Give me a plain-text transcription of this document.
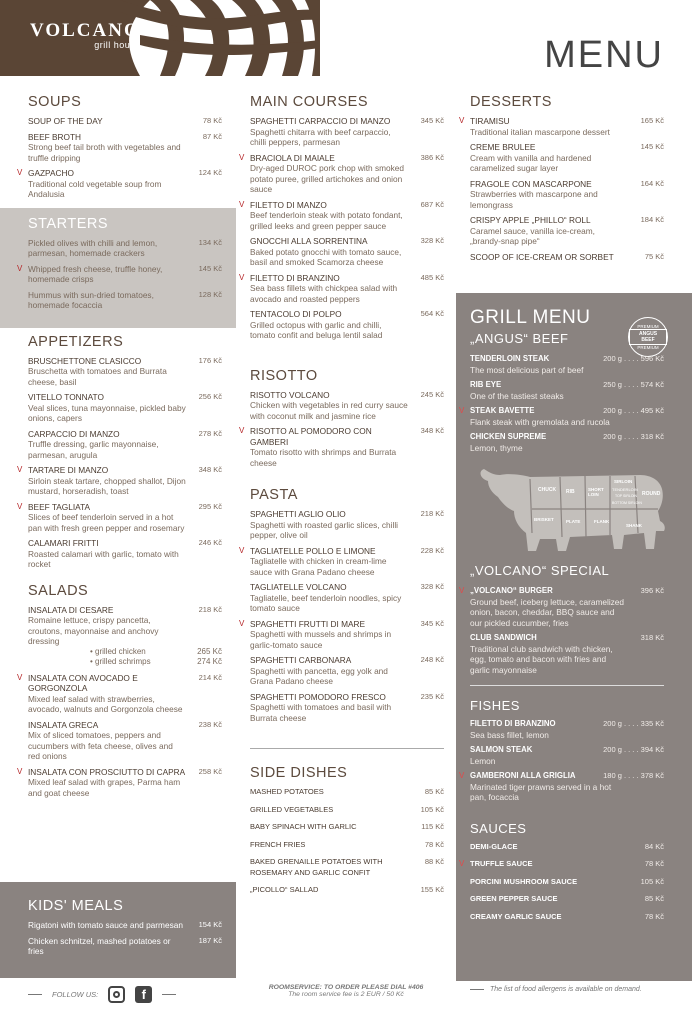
VOLCANO
grill house	MENU
SOUPS
SOUP OF THE DAY	78 Kč
BEEF BROTH
Strong beef tail broth with vegetables and truffle dripping
87 Kč
V GAZPACHO
Traditional cold vegetable soup from Andalusia
124 Kč
STARTERS
Pickled olives with chilli and lemon, parmesan, homemade crackers
134 Kč
V Whipped fresh cheese, truffle honey, homemade crisps
145 Kč
Hummus with sun-dried tomatoes, homemade focaccia
128 Kč
APPETIZERS
BRUSCHETTONE CLASICCO
Bruschetta with tomatoes and Burrata cheese, basil
176 Kč
VITELLO TONNATO
Veal slices, tuna mayonnaise, pickled baby onions, capers
256 Kč
CARPACCIO DI MANZO
Truffle dressing, garlic mayonnaise, parmesan, arugula
278 Kč
V TARTARE DI MANZO
Sirloin steak tartare, chopped shallot, Dijon mustard, horseradish, toast
348 Kč
V BEEF TAGLIATA
Slices of beef tenderloin served in a hot pan with fresh green pepper and rosemary
295 Kč
CALAMARI FRITTI
Roasted calamari with garlic, tomato with rocket
246 Kč
SALADS
INSALATA DI CESARE
Romaine lettuce, crispy pancetta, croutons, mayonnaise and anchovy dressing
218 Kč
• grilled chicken	265 Kč
• grilled schrimps	274 Kč
V INSALATA CON AVOCADO E GORGONZOLA
Mixed leaf salad with strawberries, avocado, walnuts and Gorgonzola cheese
214 Kč
INSALATA GRECA
Mix of sliced tomatoes, peppers and cucumbers with feta cheese, olives and red onions
238 Kč
V INSALATA CON PROSCIUTTO DI CAPRA
Mixed leaf salad with grapes, Parma ham and goat cheese
258 Kč
KIDS' MEALS
Rigatoni with tomato sauce and parmesan	154 Kč
Chicken schnitzel, mashed potatoes or fries
187 Kč
MAIN COURSES
SPAGHETTI CARPACCIO DI MANZO
Spaghetti chitarra with beef carpaccio, chilli peppers, parmesan
345 Kč
V BRACIOLA DI MAIALE
Dry-aged DUROC pork chop with smoked potato puree, grilled artichokes and onion sauce
386 Kč
V FILETTO DI MANZO
Beef tenderloin steak with potato fondant, grilled leeks and green pepper sauce
687 Kč
GNOCCHI ALLA SORRENTINA
Baked potato gnocchi with tomato sauce, basil and smoked Scamorza cheese
328 Kč
V FILETTO DI BRANZINO
Sea bass fillets with chickpea salad with avocado and roasted peppers
485 Kč
TENTACOLO DI POLPO
Grilled octopus with garlic and chilli, tomato confit and beluga lentil salad
564 Kč
RISOTTO
RISOTTO VOLCANO
Chicken with vegetables in red curry sauce with coconut milk and jasmine rice
245 Kč
V RISOTTO AL POMODORO CON GAMBERI
Tomato risotto with shrimps and Burrata cheese
348 Kč
PASTA
SPAGHETTI AGLIO OLIO
Spaghetti with roasted garlic slices, chilli pepper, olive oil
218 Kč
V TAGLIATELLE POLLO E LIMONE
Tagliatelle with chicken in cream-lime sauce with Grana Padano cheese
228 Kč
TAGLIATELLE VOLCANO
Tagliatelle, beef tenderloin noodles, spicy tomato sauce
328 Kč
V SPAGHETTI FRUTTI DI MARE
Spaghetti with mussels and shrimps in garlic-tomato sauce
345 Kč
SPAGHETTI CARBONARA
Spaghetti with pancetta, egg yolk and Grana Padano cheese
248 Kč
SPAGHETTI POMODORO FRESCO
Spaghetti with tomatoes and basil with Burrata cheese
235 Kč
SIDE DISHES
MASHED POTATOES	85 Kč
GRILLED VEGETABLES	105 Kč
BABY SPINACH WITH GARLIC	115 Kč
FRENCH FRIES	78 Kč
BAKED GRENAILLE POTATOES WITH ROSEMARY AND GARLIC CONFIT
88 Kč
„PICOLLO“ SALLAD	155 Kč
DESSERTS
V TIRAMISU
Traditional italian mascarpone dessert
165 Kč
CREME BRULEE
Cream with vanilla and hardened caramelized sugar layer
145 Kč
FRAGOLE CON MASCARPONE
Strawberries with mascarpone and lemongrass
164 Kč
CRISPY APPLE „PHILLO“ ROLL
Caramel sauce, vanilla ice-cream, „brandy-snap pipe“
184 Kč
SCOOP OF ICE-CREAM OR SORBET	75 Kč
GRILL MENU	PREMIUM
ANGUS BEEF
PREMIUM
„ANGUS“ BEEF
TENDERLOIN STEAK
The most delicious part of beef
200 g . . . . 596 Kč
RIB EYE
One of the tastiest steaks
250 g . . . . 574 Kč
V STEAK BAVETTE
Flank steak with gremolata and rucola
200 g . . . . 495 Kč
CHICKEN SUPREME
Lemon, thyme
200 g . . . . 318 Kč
CHUCK RIB	SHORT LOIN
SIRLOIN
TENDERLOIN
TOP SIRLOIN
BOTTOM SIRLOIN
ROUND
BRISKET	PLATE	FLANK
SHANK
„VOLCANO“ SPECIAL
V „VOLCANO“ BURGER
Ground beef, iceberg lettuce, caramelized onion, bacon, cheddar, BBQ sauce and our pickled cucumber, fries
396 Kč
CLUB SANDWICH
Traditional club sandwich with chicken, egg, tomato and bacon with fries and garlic mayonnaise
318 Kč
FISHES
FILETTO DI BRANZINO
Sea bass fillet, lemon
200 g . . . . 335 Kč
SALMON STEAK
Lemon
200 g . . . . 394 Kč
V GAMBERONI ALLA GRIGLIA
Marinated tiger prawns served in a hot pan, focaccia
180 g . . . . 378 Kč
SAUCES
DEMI-GLACE	84 Kč
V TRUFFLE SAUCE	78 Kč
PORCINI MUSHROOM SAUCE	105 Kč
GREEN PEPPER SAUCE	85 Kč
CREAMY GARLIC SAUCE	78 Kč
FOLLOW US:	f	ROOMSERVICE: TO ORDER PLEASE DIAL #406
The room service fee is 2 EUR / 50 Kč
The list of food allergens is available on demand.
